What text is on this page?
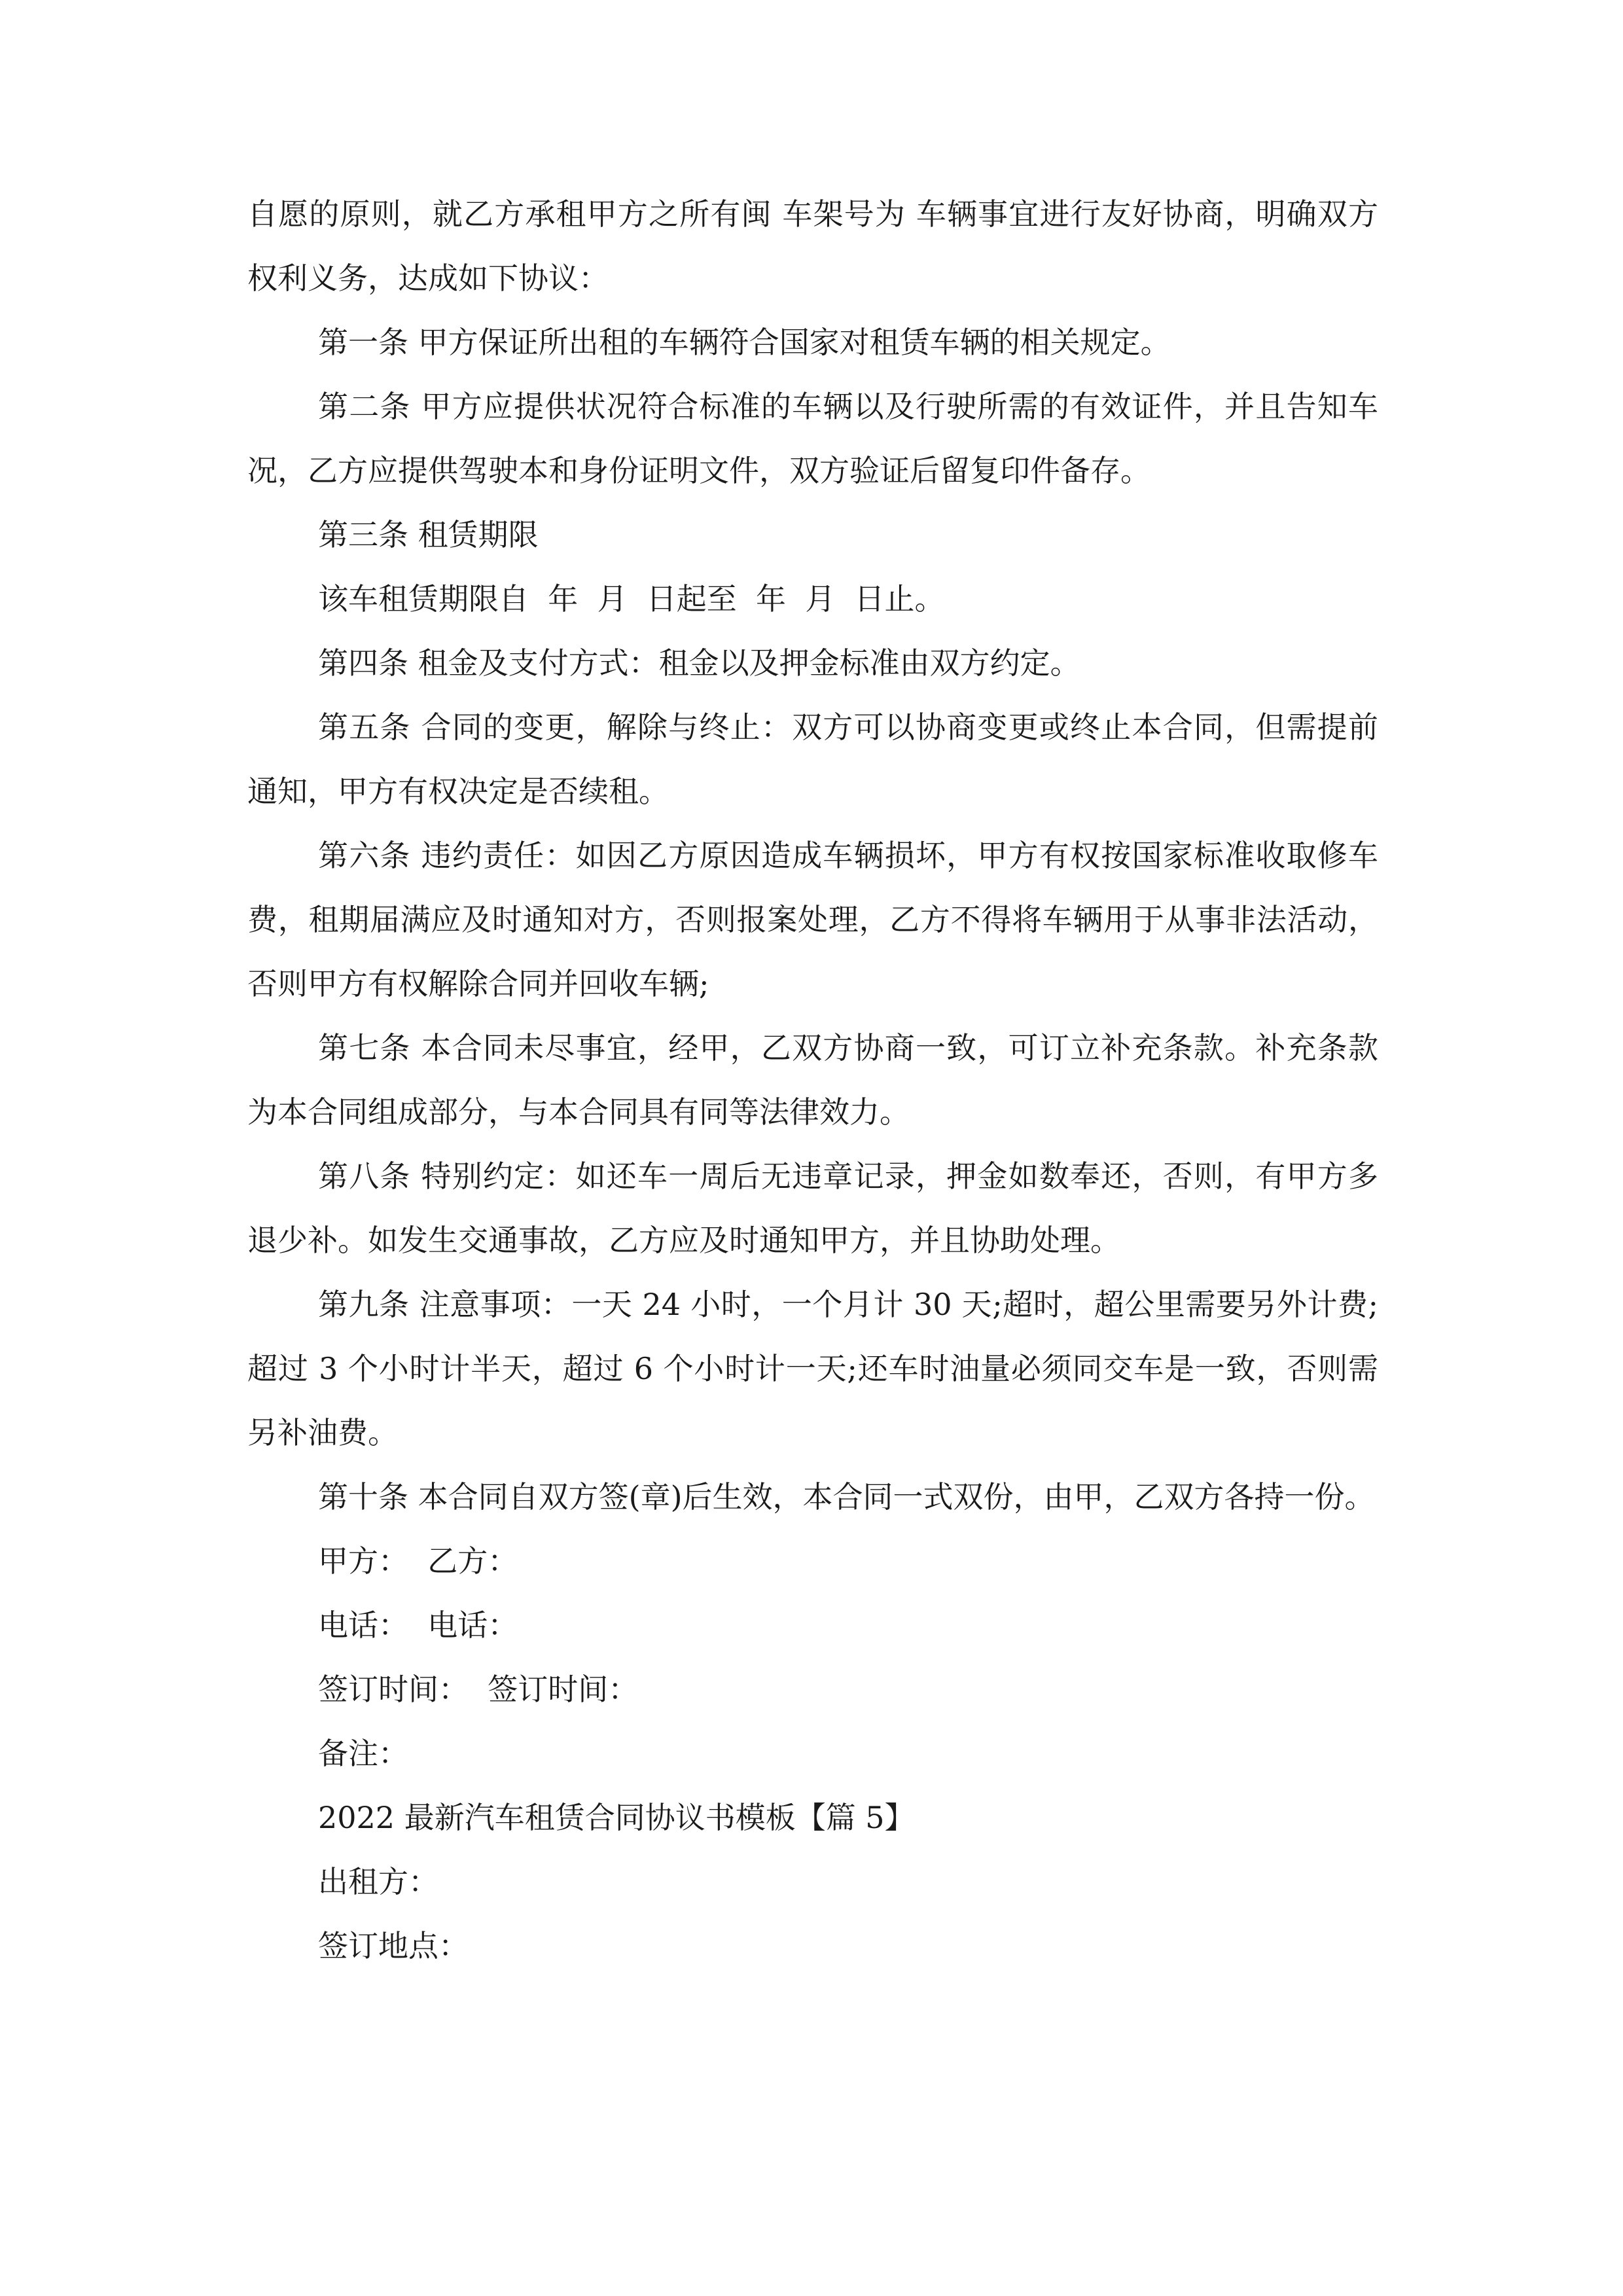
自愿的原则，就乙方承租甲方之所有闽 车架号为 车辆事宜进行友好协商，明确双方权利义务，达成如下协议：

第一条 甲方保证所出租的车辆符合国家对租赁车辆的相关规定。

第二条 甲方应提供状况符合标准的车辆以及行驶所需的有效证件，并且告知车况，乙方应提供驾驶本和身份证明文件，双方验证后留复印件备存。

第三条 租赁期限

该车租赁期限自  年  月  日起至  年  月  日止。

第四条 租金及支付方式：租金以及押金标准由双方约定。

第五条 合同的变更，解除与终止：双方可以协商变更或终止本合同，但需提前通知，甲方有权决定是否续租。

第六条 违约责任：如因乙方原因造成车辆损坏，甲方有权按国家标准收取修车费，租期届满应及时通知对方，否则报案处理，乙方不得将车辆用于从事非法活动，否则甲方有权解除合同并回收车辆;

第七条 本合同未尽事宜，经甲，乙双方协商一致，可订立补充条款。补充条款为本合同组成部分，与本合同具有同等法律效力。

第八条 特别约定：如还车一周后无违章记录，押金如数奉还，否则，有甲方多退少补。如发生交通事故，乙方应及时通知甲方，并且协助处理。

第九条 注意事项：一天 24 小时，一个月计 30 天;超时，超公里需要另外计费;超过 3 个小时计半天，超过 6 个小时计一天;还车时油量必须同交车是一致，否则需另补油费。

第十条 本合同自双方签(章)后生效，本合同一式双份，由甲，乙双方各持一份。

甲方：  乙方：

电话：  电话：

签订时间：  签订时间：

备注：

2022 最新汽车租赁合同协议书模板【篇 5】

出租方：

签订地点：
